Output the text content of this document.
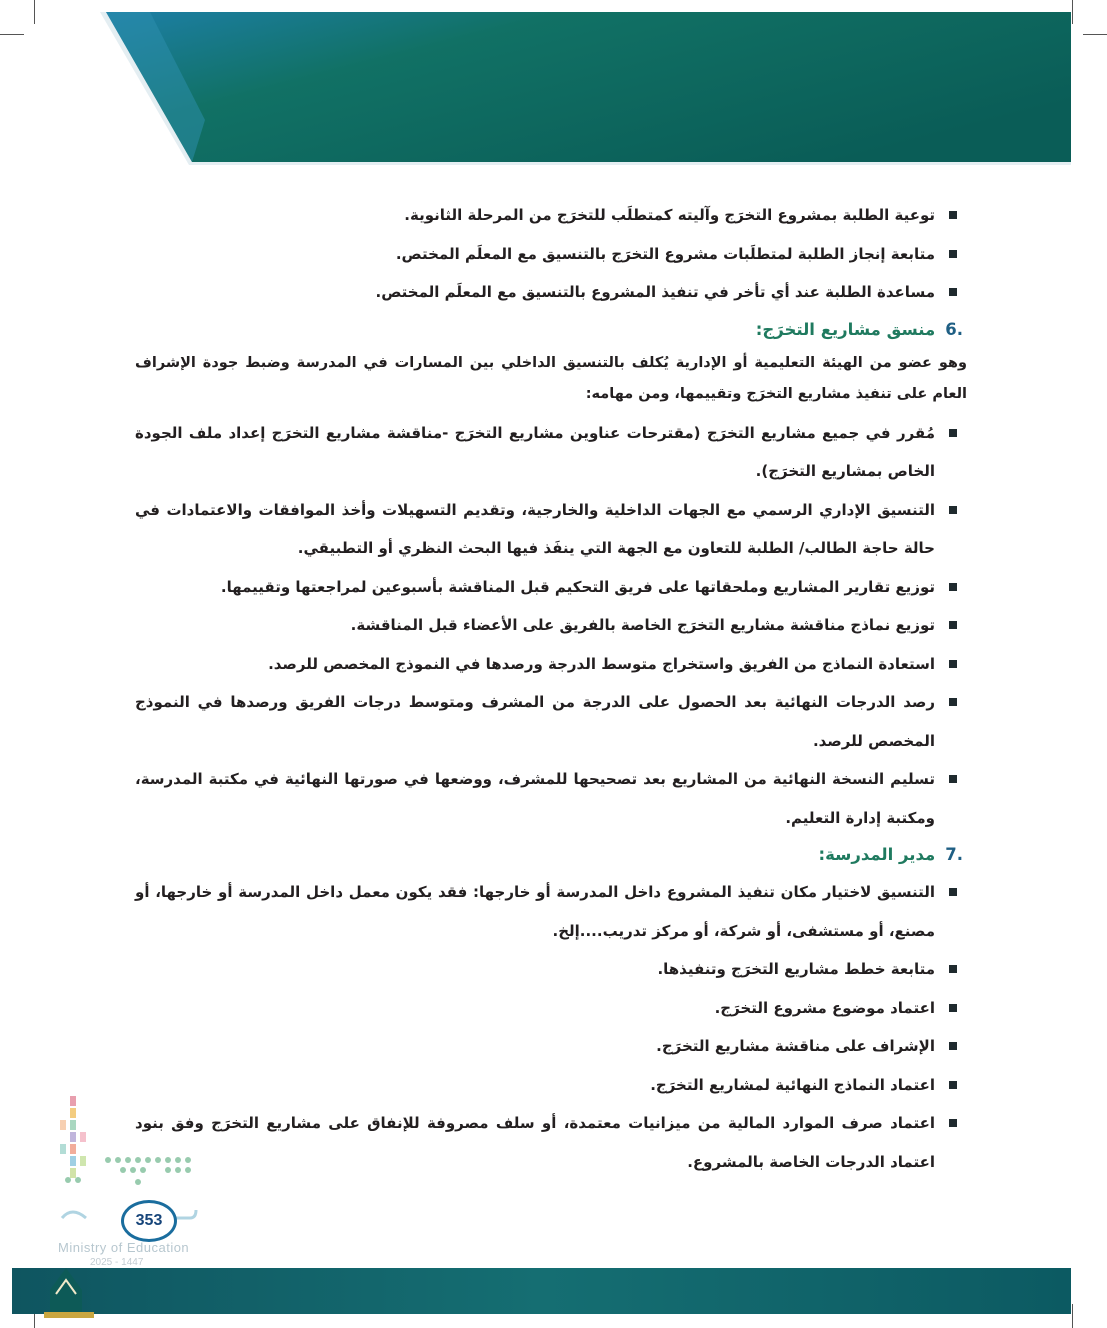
توعية الطلبة بمشروع التخرَج وآليته كمتطلَب للتخرَج من المرحلة الثانوية.
متابعة إنجاز الطلبة لمتطلَبات مشروع التخرَج بالتنسيق مع المعلَم المختص.
مساعدة الطلبة عند أي تأخر في تنفيذ المشروع بالتنسيق مع المعلَم المختص.
.6منسق مشاريع التخرَج:

وهو عضو من الهيئة التعليمية أو الإدارية يُكلف بالتنسيق الداخلي بين المسارات في المدرسة وضبط جودة الإشراف العام على تنفيذ مشاريع التخرَج وتقييمها، ومن مهامه:

مُقرر في جميع مشاريع التخرَج (مقترحات عناوين مشاريع التخرَج -مناقشة مشاريع التخرَج إعداد ملف الجودة الخاص بمشاريع التخرَج).
التنسيق الإداري الرسمي مع الجهات الداخلية والخارجية، وتقديم التسهيلات وأخذ الموافقات والاعتمادات في حالة حاجة الطالب/ الطلبة للتعاون مع الجهة التي ينفَذ فيها البحث النظري أو التطبيقي.
توزيع تقارير المشاريع وملحقاتها على فريق التحكيم قبل المناقشة بأسبوعين لمراجعتها وتقييمها.
توزيع نماذج مناقشة مشاريع التخرَج الخاصة بالفريق على الأعضاء قبل المناقشة.
استعادة النماذج من الفريق واستخراج متوسط الدرجة ورصدها في النموذج المخصص للرصد.
رصد الدرجات النهائية بعد الحصول على الدرجة من المشرف ومتوسط درجات الفريق ورصدها في النموذج المخصص للرصد.
تسليم النسخة النهائية من المشاريع بعد تصحيحها للمشرف، ووضعها في صورتها النهائية في مكتبة المدرسة، ومكتبة إدارة التعليم.
.7مدير المدرسة:
التنسيق لاختيار مكان تنفيذ المشروع داخل المدرسة أو خارجها: فقد يكون معمل داخل المدرسة أو خارجها، أو مصنع، أو مستشفى، أو شركة، أو مركز تدريب....إلخ.
متابعة خطط مشاريع التخرَج وتنفيذها.
اعتماد موضوع مشروع التخرَج.
الإشراف على مناقشة مشاريع التخرَج.
اعتماد النماذج النهائية لمشاريع التخرَج.
اعتماد صرف الموارد المالية من ميزانيات معتمدة، أو سلف مصروفة للإنفاق على مشاريع التخرَج وفق بنود اعتماد الدرجات الخاصة بالمشروع.
353
Ministry of Education
2025 - 1447
